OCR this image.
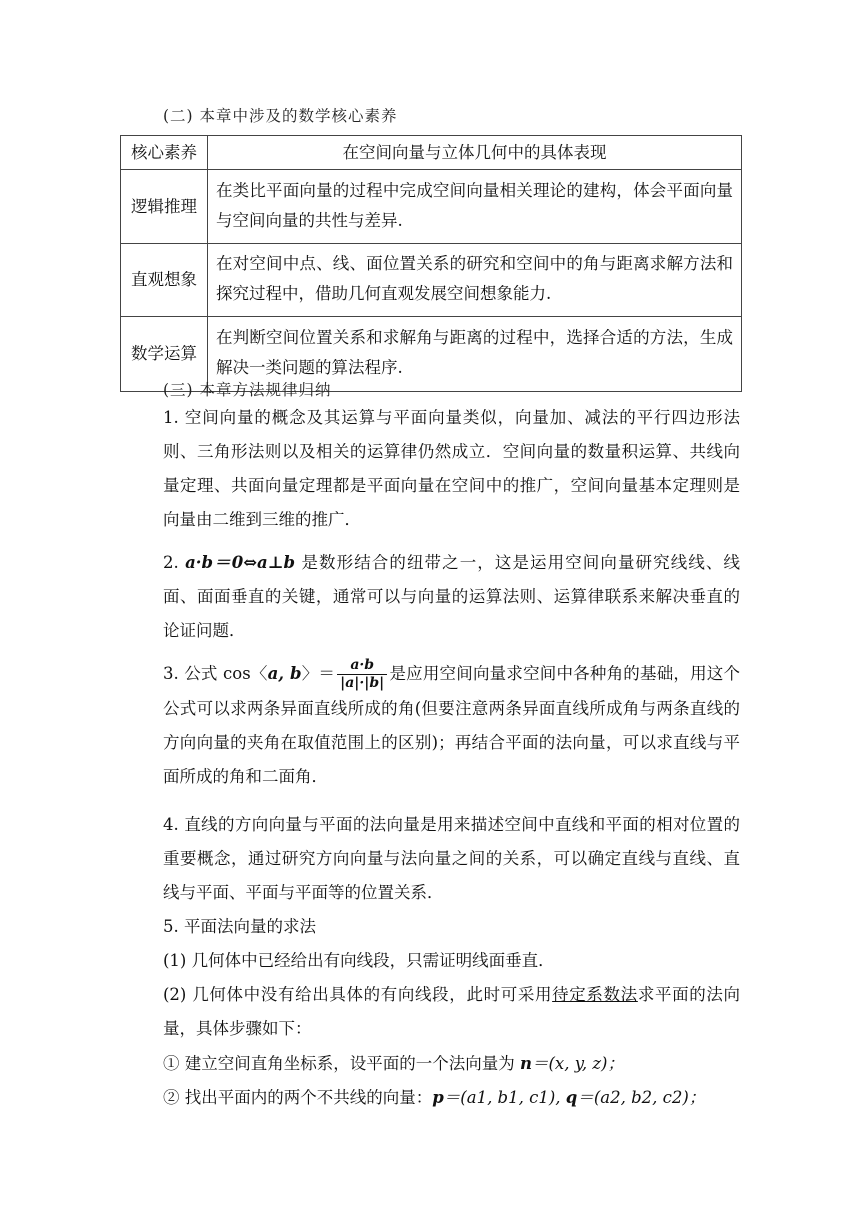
(二) 本章中涉及的数学核心素养
核心素养	在空间向量与立体几何中的具体表现
逻辑推理	在类比平面向量的过程中完成空间向量相关理论的建构，体会平面向量与空间向量的共性与差异.
直观想象	在对空间中点、线、面位置关系的研究和空间中的角与距离求解方法和探究过程中，借助几何直观发展空间想象能力.
数学运算	在判断空间位置关系和求解角与距离的过程中，选择合适的方法，生成解决一类问题的算法程序.
(三) 本章方法规律归纳
1. 空间向量的概念及其运算与平面向量类似，向量加、减法的平行四边形法则、三角形法则以及相关的运算律仍然成立．空间向量的数量积运算、共线向量定理、共面向量定理都是平面向量在空间中的推广，空间向量基本定理则是向量由二维到三维的推广．
2. a·b＝0⇔a⊥b 是数形结合的纽带之一，这是运用空间向量研究线线、线面、面面垂直的关键，通常可以与向量的运算法则、运算律联系来解决垂直的论证问题．
3. 公式 cos〈a, b〉＝ $\frac{a\cdot b}{|a|\cdot|b|}$ 是应用空间向量求空间中各种角的基础，用这个公式可以求两条异面直线所成的角(但要注意两条异面直线所成角与两条直线的方向向量的夹角在取值范围上的区别)；再结合平面的法向量，可以求直线与平面所成的角和二面角．
4. 直线的方向向量与平面的法向量是用来描述空间中直线和平面的相对位置的重要概念，通过研究方向向量与法向量之间的关系，可以确定直线与直线、直线与平面、平面与平面等的位置关系．
5. 平面法向量的求法
(1) 几何体中已经给出有向线段，只需证明线面垂直．
(2) 几何体中没有给出具体的有向线段，此时可采用待定系数法求平面的法向量，具体步骤如下：
① 建立空间直角坐标系，设平面的一个法向量为 n＝(x, y, z)；
② 找出平面内的两个不共线的向量：p＝(a1, b1, c1), q＝(a2, b2, c2)；
